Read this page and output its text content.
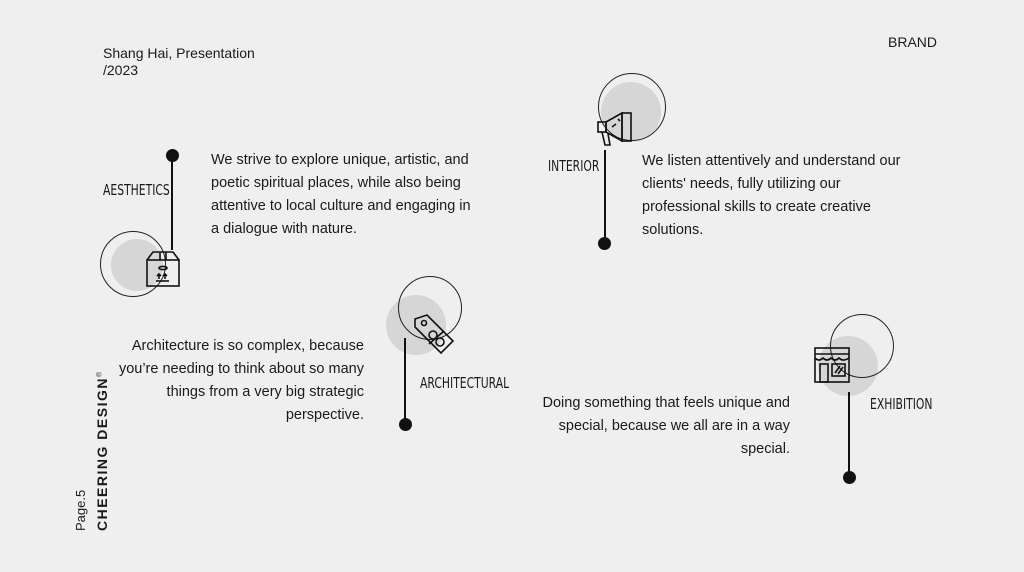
Shang Hai, Presentation
/2023
BRAND
CHEERING DESIGN®
Page.5
AESTHETICS
We strive to explore unique, artistic, and poetic spiritual places, while also being attentive to local culture and engaging in a dialogue with nature.
INTERIOR	We listen attentively and understand our clients' needs, fully utilizing our professional skills to create creative solutions.
ARCHITECTURAL
Architecture is so complex, because you’re needing to think about so many things from a very big strategic perspective.
EXHIBITION
Doing something that feels unique and special, because we all are in a way special.
